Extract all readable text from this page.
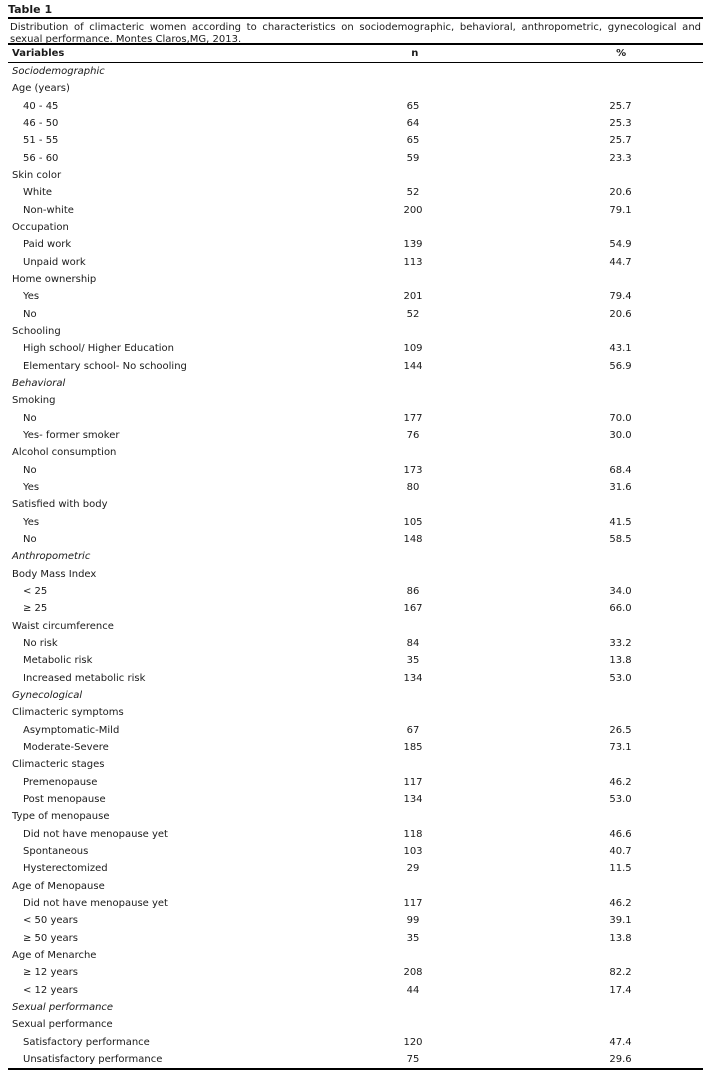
Table 1
Distribution of climacteric women according to characteristics on sociodemographic, behavioral, anthropometric, gynecological and sexual performance. Montes Claros,MG, 2013.
Variables	n	%
Sociodemographic
Age (years)
40 - 45	65	25.7
46 - 50	64	25.3
51 - 55	65	25.7
56 - 60	59	23.3
Skin color
White	52	20.6
Non-white	200	79.1
Occupation
Paid work	139	54.9
Unpaid work	113	44.7
Home ownership
Yes	201	79.4
No	52	20.6
Schooling
High school/ Higher Education	109	43.1
Elementary school- No schooling	144	56.9
Behavioral
Smoking
No	177	70.0
Yes- former smoker	76	30.0
Alcohol consumption
No	173	68.4
Yes	80	31.6
Satisfied with body
Yes	105	41.5
No	148	58.5
Anthropometric
Body Mass Index
< 25	86	34.0
≥ 25	167	66.0
Waist circumference
No risk	84	33.2
Metabolic risk	35	13.8
Increased metabolic risk	134	53.0
Gynecological
Climacteric symptoms
Asymptomatic-Mild	67	26.5
Moderate-Severe	185	73.1
Climacteric stages
Premenopause	117	46.2
Post menopause	134	53.0
Type of menopause
Did not have menopause yet	118	46.6
Spontaneous	103	40.7
Hysterectomized	29	11.5
Age of Menopause
Did not have menopause yet	117	46.2
< 50 years	99	39.1
≥ 50 years	35	13.8
Age of Menarche
≥ 12 years	208	82.2
< 12 years	44	17.4
Sexual performance
Sexual performance
Satisfactory performance	120	47.4
Unsatisfactory performance	75	29.6
